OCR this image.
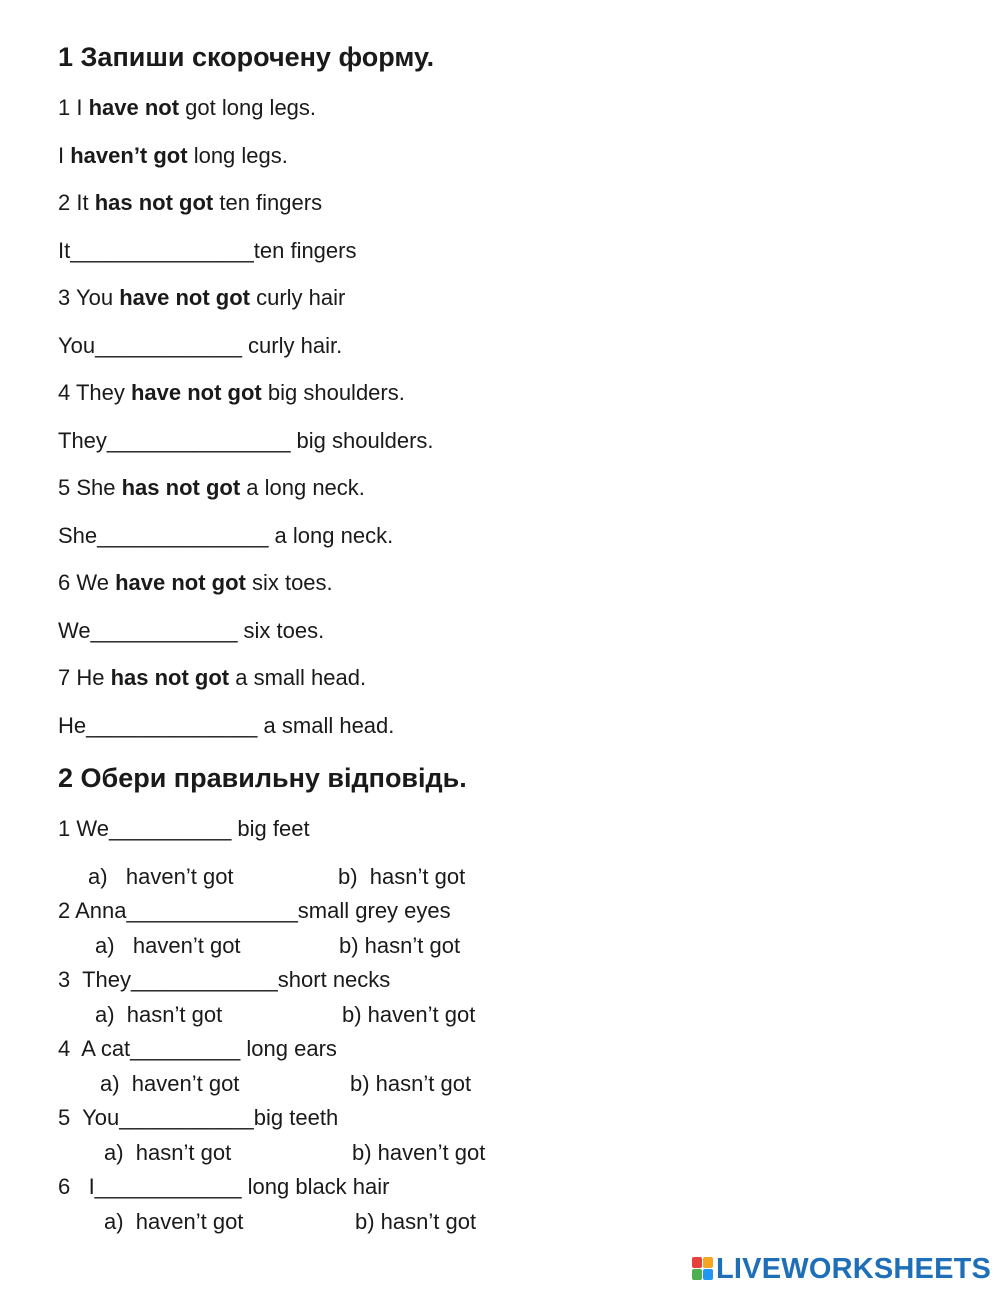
1 Запиши скорочену форму.
1 I have not got long legs.
I haven’t got long legs.
2 It has not got ten fingers
It_______________ten fingers
3 You have not got curly hair
You____________ curly hair.
4 They have not got big shoulders.
They_______________ big shoulders.
5 She has not got a long neck.
She______________ a long neck.
6 We have not got six toes.
We____________ six toes.
7 He has not got a small head.
He______________ a small head.
2 Обери правильну відповідь.
1 We__________ big feet
a)   haven’t got	b)  hasn’t got
2 Anna______________small grey eyes
a)   haven’t got	b) hasn’t got
3  They____________short necks
a)  hasn’t got	b) haven’t got
4  A cat_________ long ears
a)  haven’t got	b) hasn’t got
5  You___________big teeth
a)  hasn’t got	b) haven’t got
6   I____________ long black hair
a)  haven’t got	b) hasn’t got
LIVEWORKSHEETS
